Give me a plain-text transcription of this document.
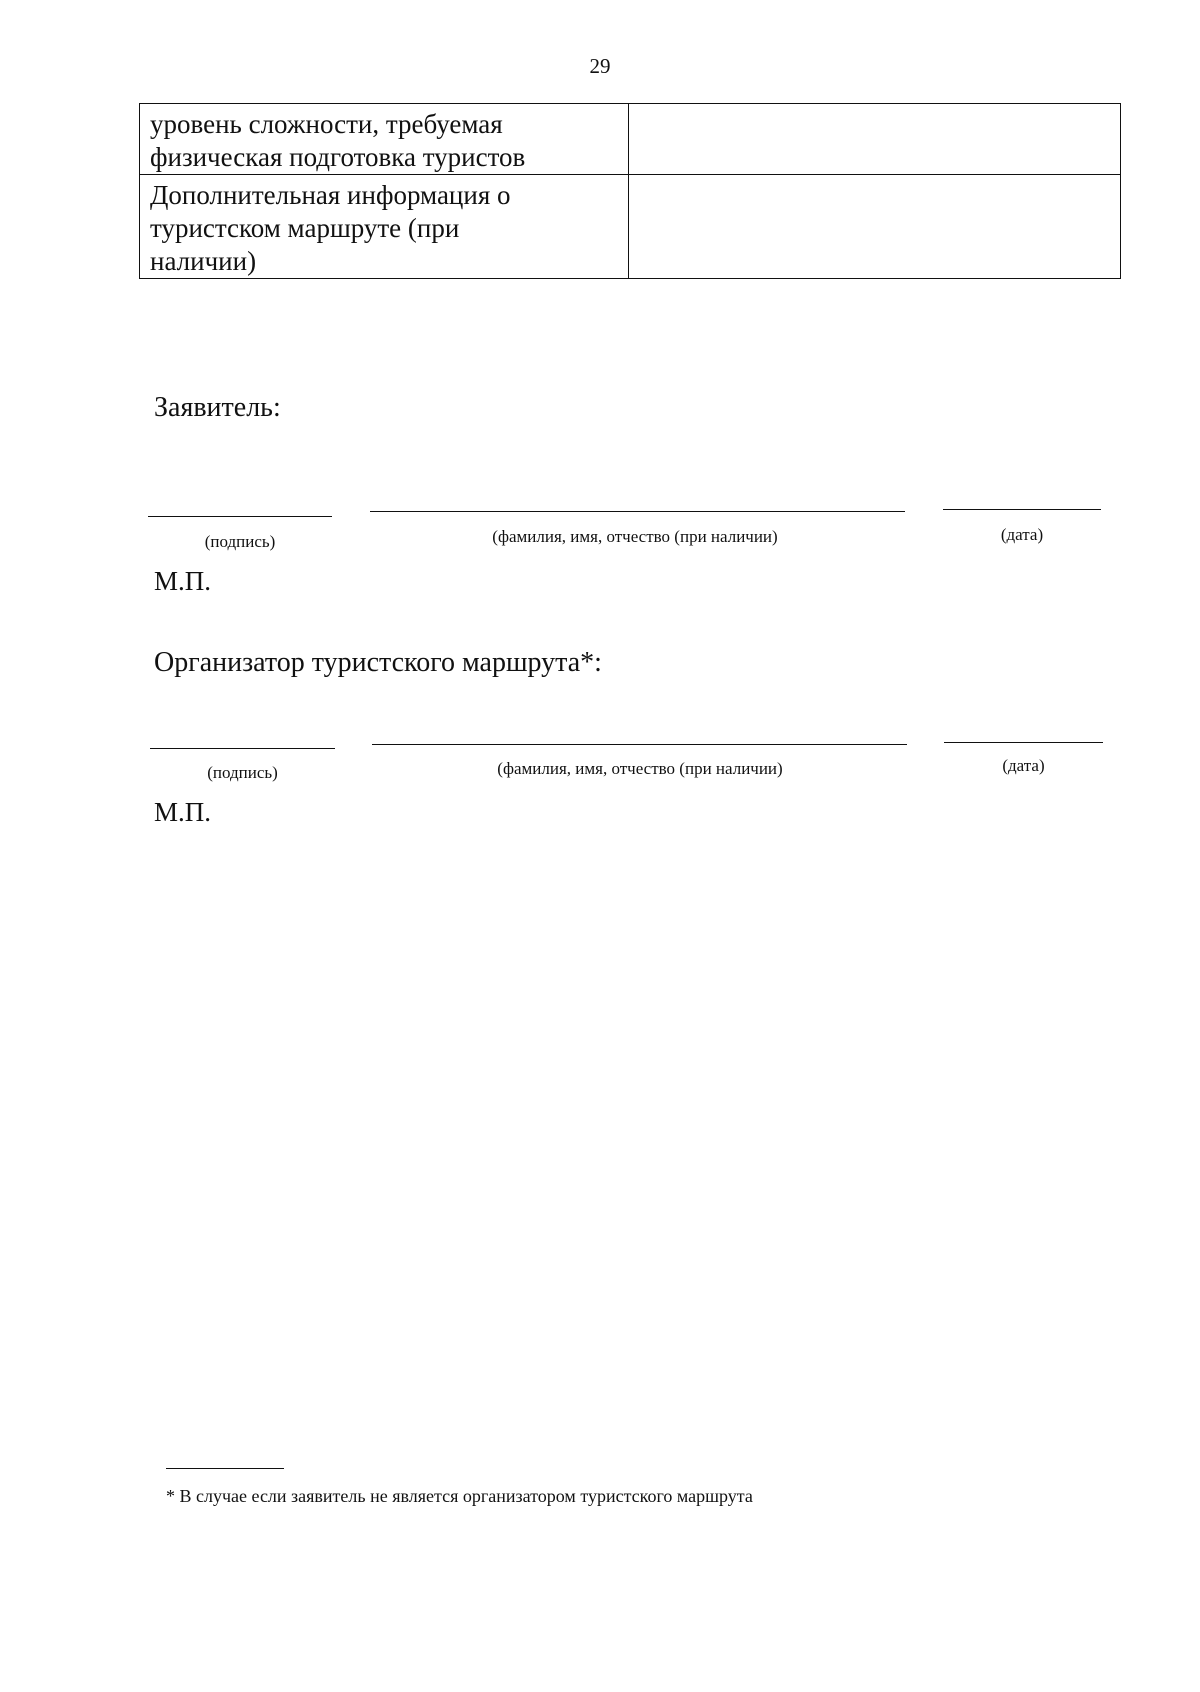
29
уровень сложности, требуемая
физическая подготовка туристов	
Дополнительная информация о
туристском маршруте (при
наличии)	
Заявитель:
(подпись)	(фамилия, имя, отчество (при наличии)	(дата)
М.П.
Организатор туристского маршрута*:
(подпись)	(фамилия, имя, отчество (при наличии)	(дата)
М.П.
* В случае если заявитель не является организатором туристского маршрута
